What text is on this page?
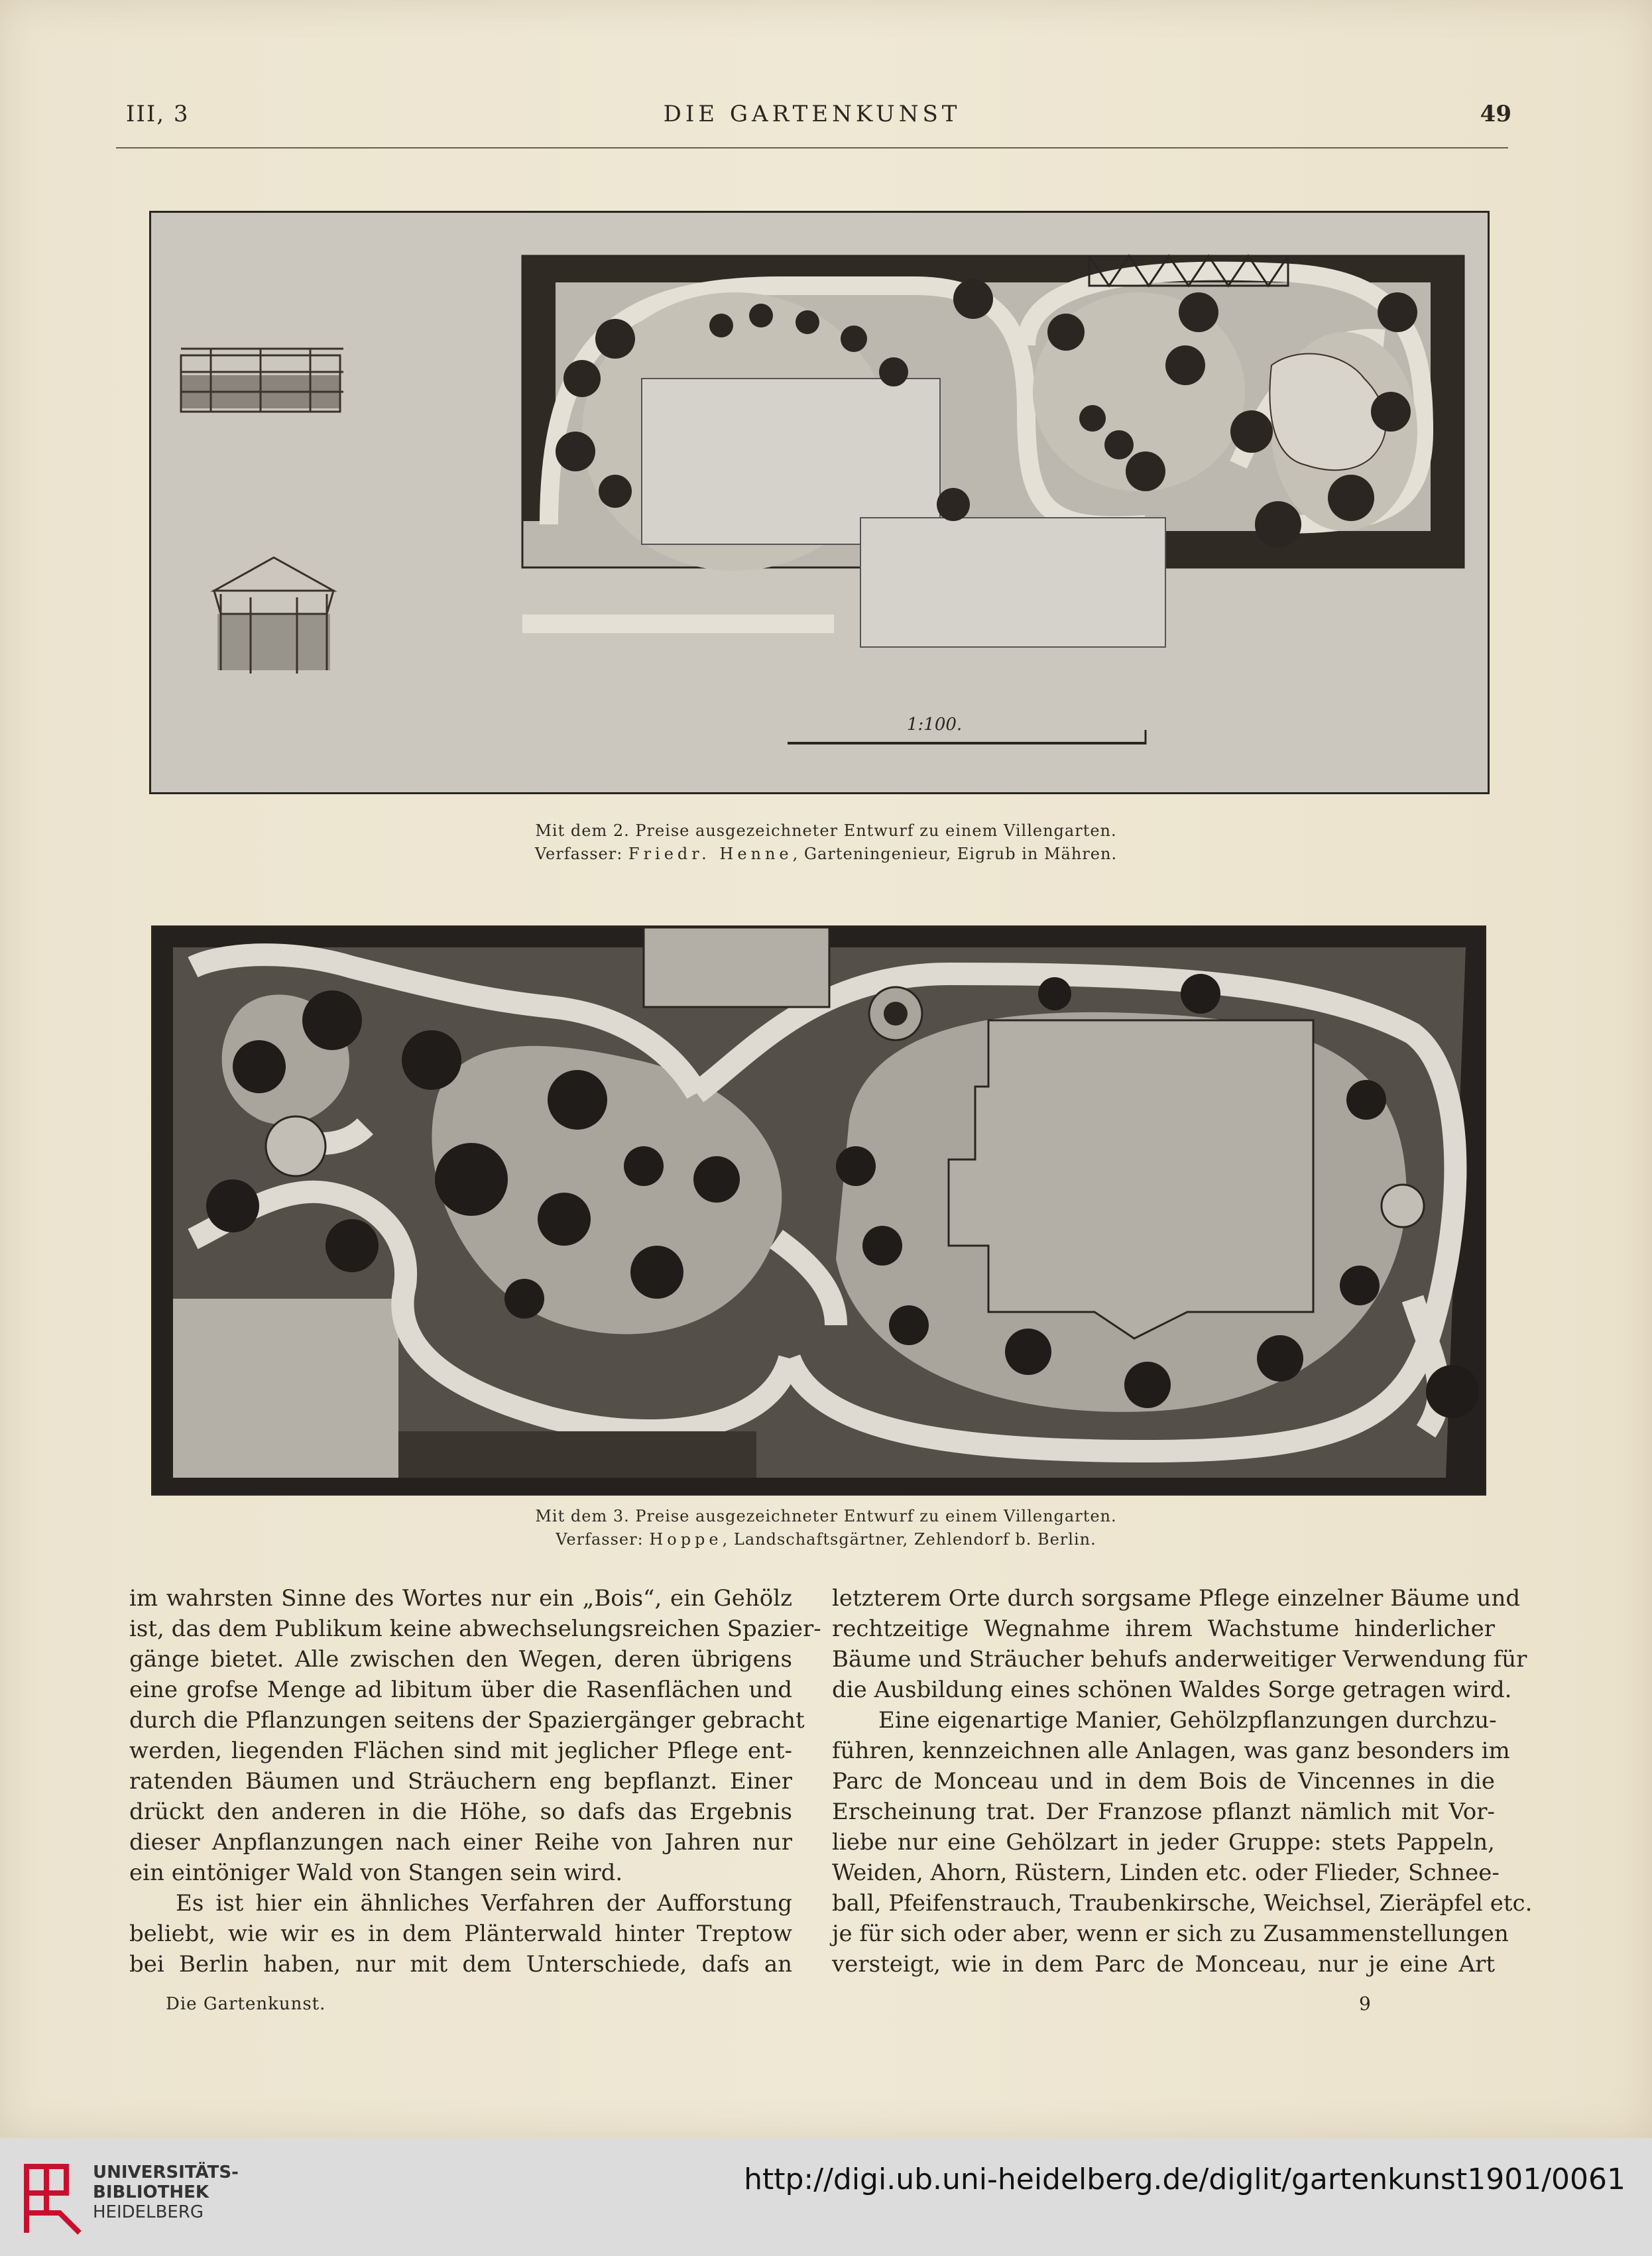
III, 3	DIE GARTENKUNST	49
1:100.
Mit dem 2. Preise ausgezeichneter Entwurf zu einem Villengarten.
Verfasser: Friedr. Henne, Garteningenieur, Eigrub in Mähren.
Mit dem 3. Preise ausgezeichneter Entwurf zu einem Villengarten.
Verfasser: Hoppe, Landschaftsgärtner, Zehlendorf b. Berlin.
im wahrsten Sinne des Wortes nur ein „Bois“, ein Gehölz
ist, das dem Publikum keine abwechselungsreichen Spazier-
gänge bietet. Alle zwischen den Wegen, deren übrigens
eine grofse Menge ad libitum über die Rasenflächen und
durch die Pflanzungen seitens der Spaziergänger gebracht
werden, liegenden Flächen sind mit jeglicher Pflege ent-
ratenden Bäumen und Sträuchern eng bepflanzt. Einer
drückt den anderen in die Höhe, so dafs das Ergebnis
dieser Anpflanzungen nach einer Reihe von Jahren nur
ein eintöniger Wald von Stangen sein wird.
Es ist hier ein ähnliches Verfahren der Aufforstung
beliebt, wie wir es in dem Plänterwald hinter Treptow
bei Berlin haben, nur mit dem Unterschiede, dafs an
letzterem Orte durch sorgsame Pflege einzelner Bäume und
rechtzeitige Wegnahme ihrem Wachstume hinderlicher
Bäume und Sträucher behufs anderweitiger Verwendung für
die Ausbildung eines schönen Waldes Sorge getragen wird.
Eine eigenartige Manier, Gehölzpflanzungen durchzu-
führen, kennzeichnen alle Anlagen, was ganz besonders im
Parc de Monceau und in dem Bois de Vincennes in die
Erscheinung trat. Der Franzose pflanzt nämlich mit Vor-
liebe nur eine Gehölzart in jeder Gruppe: stets Pappeln,
Weiden, Ahorn, Rüstern, Linden etc. oder Flieder, Schnee-
ball, Pfeifenstrauch, Traubenkirsche, Weichsel, Zieräpfel etc.
je für sich oder aber, wenn er sich zu Zusammenstellungen
versteigt, wie in dem Parc de Monceau, nur je eine Art
Die Gartenkunst.	9
UNIVERSITÄTS-
BIBLIOTHEK
HEIDELBERG
http://digi.ub.uni-heidelberg.de/diglit/gartenkunst1901/0061
